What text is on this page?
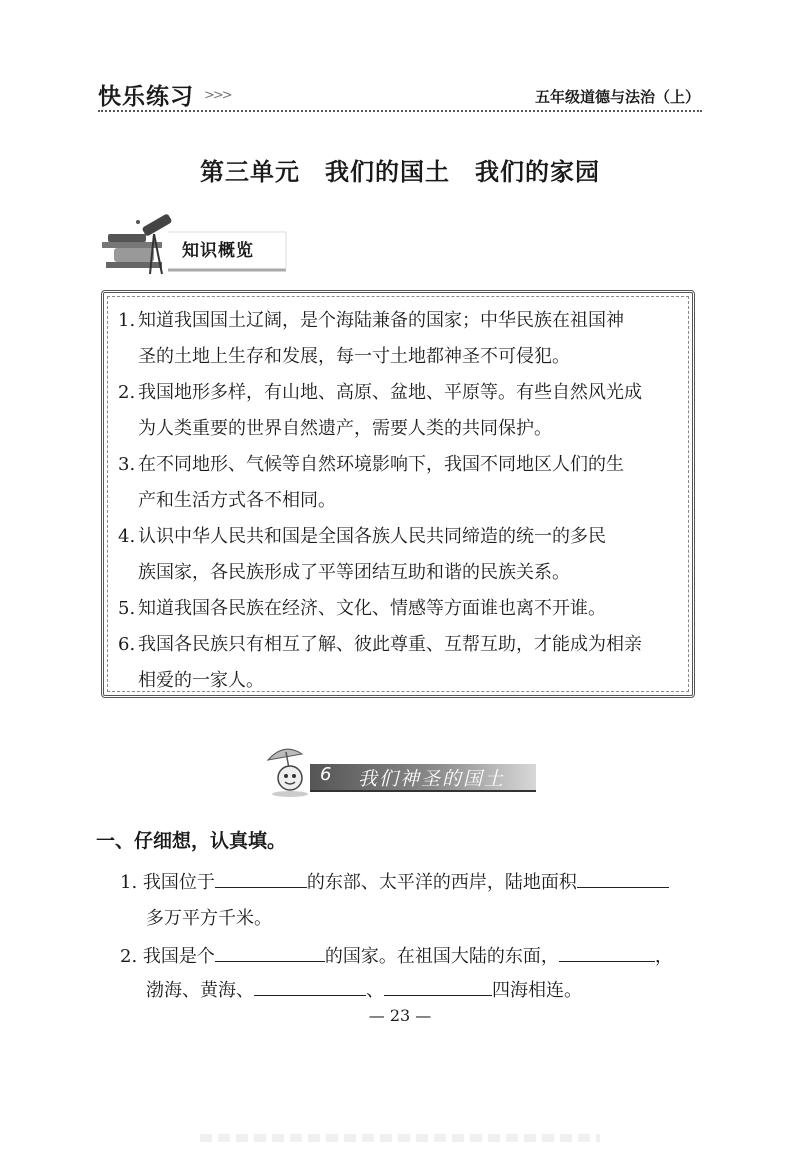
快乐练习 >>>	五年级道德与法治（上）
第三单元　我们的国土　我们的家园
知识概览
1. 知道我国国土辽阔，是个海陆兼备的国家；中华民族在祖国神
圣的土地上生存和发展，每一寸土地都神圣不可侵犯。
2. 我国地形多样，有山地、高原、盆地、平原等。有些自然风光成
为人类重要的世界自然遗产，需要人类的共同保护。
3. 在不同地形、气候等自然环境影响下，我国不同地区人们的生
产和生活方式各不相同。
4. 认识中华人民共和国是全国各族人民共同缔造的统一的多民
族国家，各民族形成了平等团结互助和谐的民族关系。
5. 知道我国各民族在经济、文化、情感等方面谁也离不开谁。
6. 我国各民族只有相互了解、彼此尊重、互帮互助，才能成为相亲
相爱的一家人。
6 我们神圣的国土
一、仔细想，认真填。
1. 我国位于	的东部、太平洋的西岸，陆地面积
多万平方千米。
2. 我国是个	的国家。在祖国大陆的东面，	，
渤海、黄海、	、	四海相连。
— 23 —
